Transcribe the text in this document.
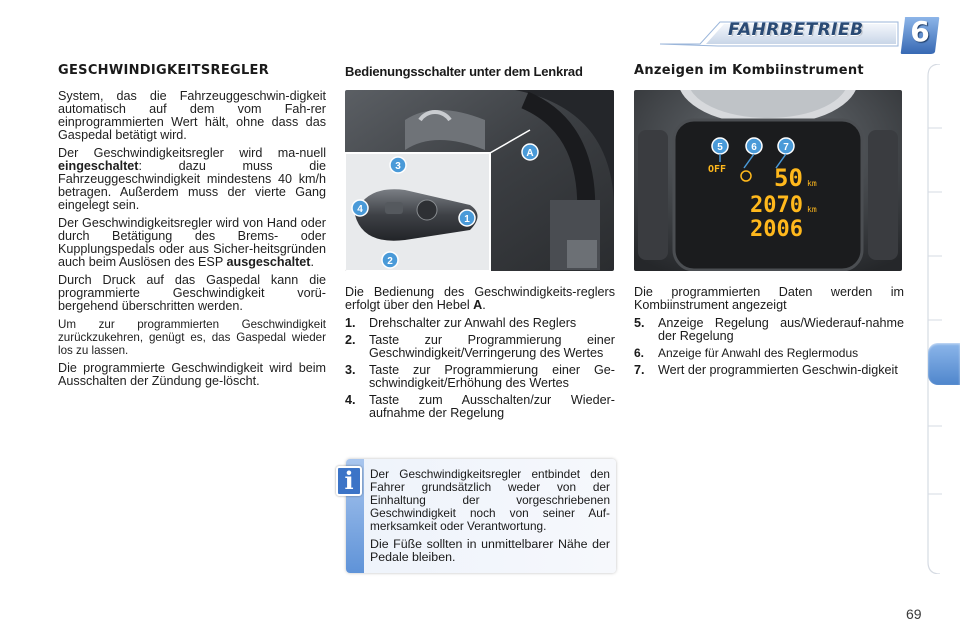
FAHRBETRIEB	6
GESCHWINDIGKEITSREGLER

System, das die Fahrzeuggeschwin-digkeit automatisch auf dem vom Fah-rer einprogrammierten Wert hält, ohne dass das Gaspedal betätigt wird.

Der Geschwindigkeitsregler wird ma-nuell eingeschaltet: dazu muss die Fahrzeuggeschwindigkeit mindestens 40 km/h betragen. Außerdem muss der vierte Gang eingelegt sein.

Der Geschwindigkeitsregler wird von Hand oder durch Betätigung des Brems- oder Kupplungspedals oder aus Sicher-heitsgründen auch beim Auslösen des ESP ausgeschaltet.

Durch Druck auf das Gaspedal kann die programmierte Geschwindigkeit vorü-bergehend überschritten werden.

Um zur programmierten Geschwindigkeit zurückzukehren, genügt es, das Gaspedal wieder los zu lassen.

Die programmierte Geschwindigkeit wird beim Ausschalten der Zündung ge-löscht.

Bedienungsschalter unter dem Lenkrad
A
1
2
3
4
Die Bedienung des Geschwindigkeits-reglers erfolgt über den Hebel A.
1.	Drehschalter zur Anwahl des Reglers
2.	Taste zur Programmierung einer Geschwindigkeit/Verringerung des Wertes
3.	Taste zur Programmierung einer Ge-schwindigkeit/Erhöhung des Wertes
4.	Taste zum Ausschalten/zur Wieder-aufnahme der Regelung
Anzeigen im Kombiinstrument
5	6	7
OFF 50 km
2070 km
2006
Die programmierten Daten werden im Kombiinstrument angezeigt
5.	Anzeige Regelung aus/Wiederauf-nahme der Regelung
6.	Anzeige für Anwahl des Reglermodus
7.	Wert der programmierten Geschwin-digkeit
i	Der Geschwindigkeitsregler entbindet den Fahrer grundsätzlich weder von der Einhaltung der vorgeschriebenen Geschwindigkeit noch von seiner Auf-merksamkeit oder Verantwortung.

Die Füße sollten in unmittelbarer Nähe der Pedale bleiben.

69
